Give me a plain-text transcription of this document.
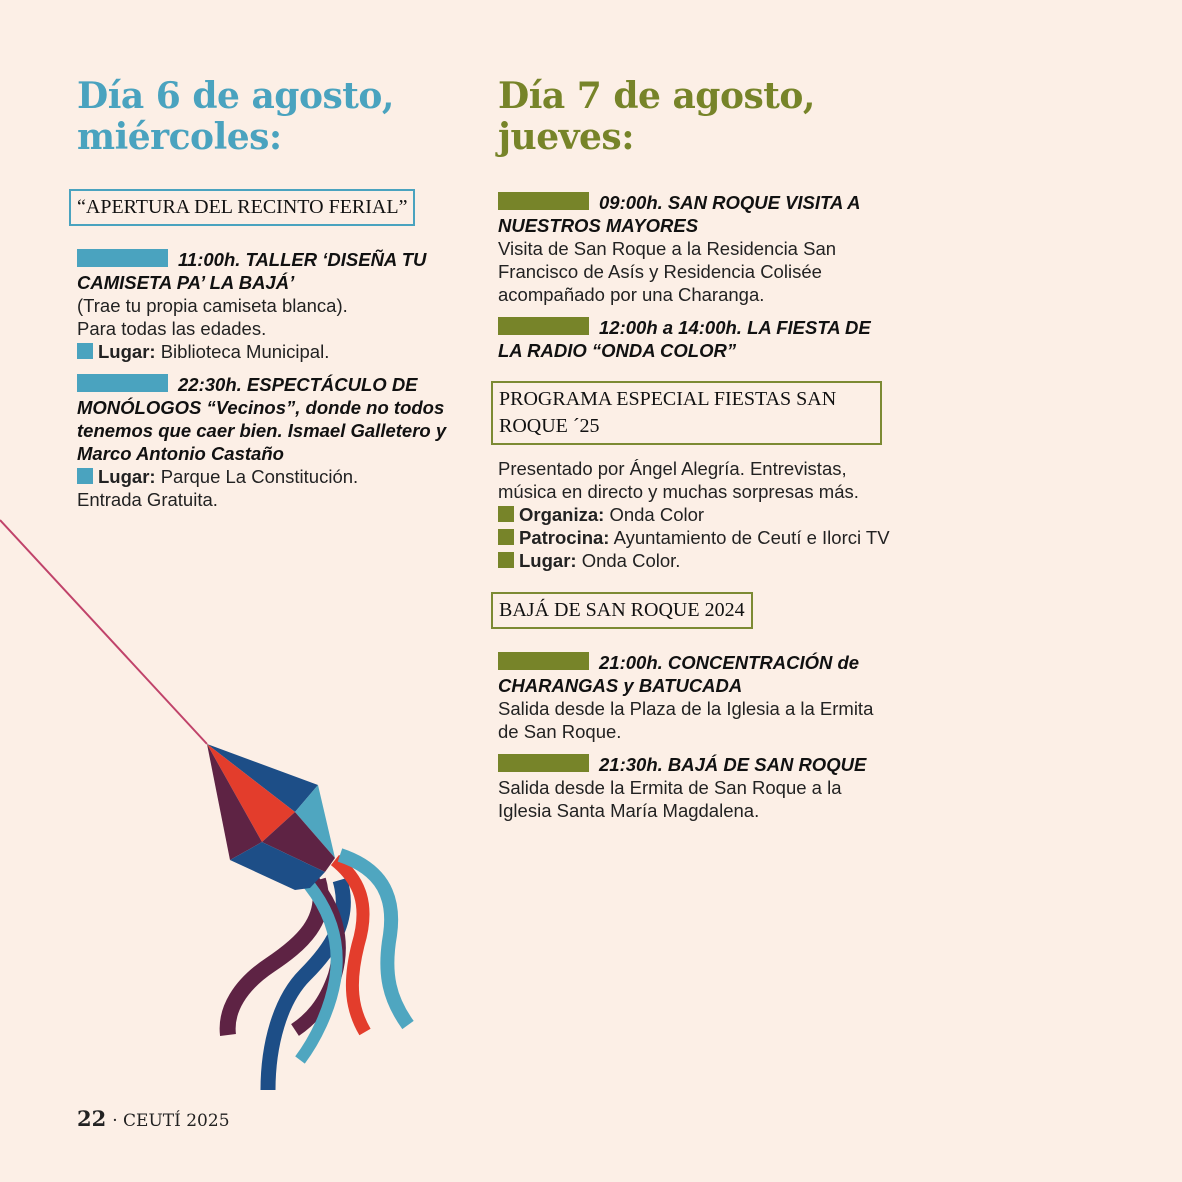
Día 6 de agosto,
miércoles:
“APERTURA DEL RECINTO FERIAL”
11:00h. TALLER ‘DISEÑA TU CAMISETA PA’ LA BAJÁ’
(Trae tu propia camiseta blanca).
Para todas las edades.
Lugar: Biblioteca Municipal.
22:30h. ESPECTÁCULO DE MONÓLOGOS “Vecinos”, donde no todos tenemos que caer bien. Ismael Galletero y Marco Antonio Castaño
Lugar: Parque La Constitución.
Entrada Gratuita.
Día 7 de agosto,
jueves:
09:00h. SAN ROQUE VISITA A NUESTROS MAYORES
Visita de San Roque a la Residencia San Francisco de Asís y Residencia Colisée acompañado por una Charanga.
12:00h a 14:00h. LA FIESTA DE LA RADIO “ONDA COLOR”
PROGRAMA ESPECIAL FIESTAS SAN ROQUE ´25
Presentado por Ángel Alegría. Entrevistas, música en directo y muchas sorpresas más.
Organiza: Onda Color
Patrocina: Ayuntamiento de Ceutí e Ilorci TV
Lugar: Onda Color.
BAJÁ DE SAN ROQUE 2024
21:00h. CONCENTRACIÓN de CHARANGAS y BATUCADA
Salida desde la Plaza de la Iglesia a la Ermita de San Roque.
21:30h. BAJÁ DE SAN ROQUE
Salida desde la Ermita de San Roque a la Iglesia Santa María Magdalena.
22 · CEUTÍ 2025
